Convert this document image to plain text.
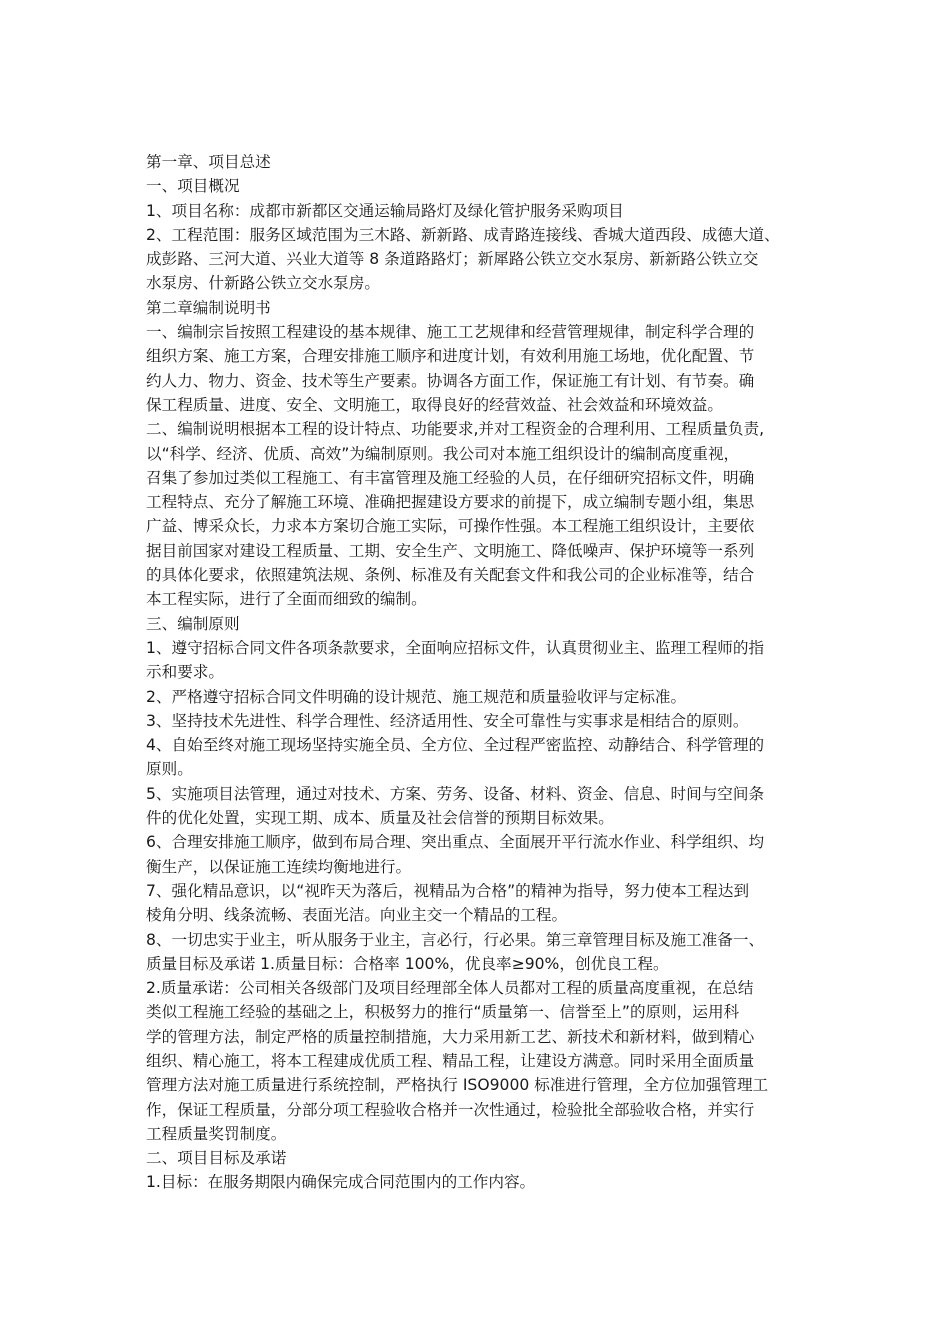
第一章、项目总述
一、项目概况
1、项目名称：成都市新都区交通运输局路灯及绿化管护服务采购项目
2、工程范围：服务区域范围为三木路、新新路、成青路连接线、香城大道西段、成德大道、
成彭路、三河大道、兴业大道等 8 条道路路灯；新犀路公铁立交水泵房、新新路公铁立交
水泵房、什新路公铁立交水泵房。
第二章编制说明书
一、编制宗旨按照工程建设的基本规律、施工工艺规律和经营管理规律，制定科学合理的
组织方案、施工方案，合理安排施工顺序和进度计划，有效利用施工场地，优化配置、节
约人力、物力、资金、技术等生产要素。协调各方面工作，保证施工有计划、有节奏。确
保工程质量、进度、安全、文明施工，取得良好的经营效益、社会效益和环境效益。
二、编制说明根据本工程的设计特点、功能要求,并对工程资金的合理利用、工程质量负责,
以“科学、经济、优质、高效”为编制原则。我公司对本施工组织设计的编制高度重视，
召集了参加过类似工程施工、有丰富管理及施工经验的人员，在仔细研究招标文件，明确
工程特点、充分了解施工环境、准确把握建设方要求的前提下，成立编制专题小组，集思
广益、博采众长，力求本方案切合施工实际，可操作性强。本工程施工组织设计，主要依
据目前国家对建设工程质量、工期、安全生产、文明施工、降低噪声、保护环境等一系列
的具体化要求，依照建筑法规、条例、标准及有关配套文件和我公司的企业标准等，结合
本工程实际，进行了全面而细致的编制。
三、编制原则
1、遵守招标合同文件各项条款要求，全面响应招标文件，认真贯彻业主、监理工程师的指
示和要求。
2、严格遵守招标合同文件明确的设计规范、施工规范和质量验收评与定标准。
3、坚持技术先进性、科学合理性、经济适用性、安全可靠性与实事求是相结合的原则。
4、自始至终对施工现场坚持实施全员、全方位、全过程严密监控、动静结合、科学管理的
原则。
5、实施项目法管理，通过对技术、方案、劳务、设备、材料、资金、信息、时间与空间条
件的优化处置，实现工期、成本、质量及社会信誉的预期目标效果。
6、合理安排施工顺序，做到布局合理、突出重点、全面展开平行流水作业、科学组织、均
衡生产，以保证施工连续均衡地进行。
7、强化精品意识，以“视昨天为落后，视精品为合格”的精神为指导，努力使本工程达到
棱角分明、线条流畅、表面光洁。向业主交一个精品的工程。
8、一切忠实于业主，听从服务于业主，言必行，行必果。第三章管理目标及施工准备一、
质量目标及承诺 1.质量目标：合格率 100%，优良率≥90%，创优良工程。
2.质量承诺：公司相关各级部门及项目经理部全体人员都对工程的质量高度重视，在总结
类似工程施工经验的基础之上，积极努力的推行“质量第一、信誉至上”的原则，运用科
学的管理方法，制定严格的质量控制措施，大力采用新工艺、新技术和新材料，做到精心
组织、精心施工，将本工程建成优质工程、精品工程，让建设方满意。同时采用全面质量
管理方法对施工质量进行系统控制，严格执行 ISO9000 标准进行管理，全方位加强管理工
作，保证工程质量，分部分项工程验收合格并一次性通过，检验批全部验收合格，并实行
工程质量奖罚制度。
二、项目目标及承诺
1.目标：在服务期限内确保完成合同范围内的工作内容。
